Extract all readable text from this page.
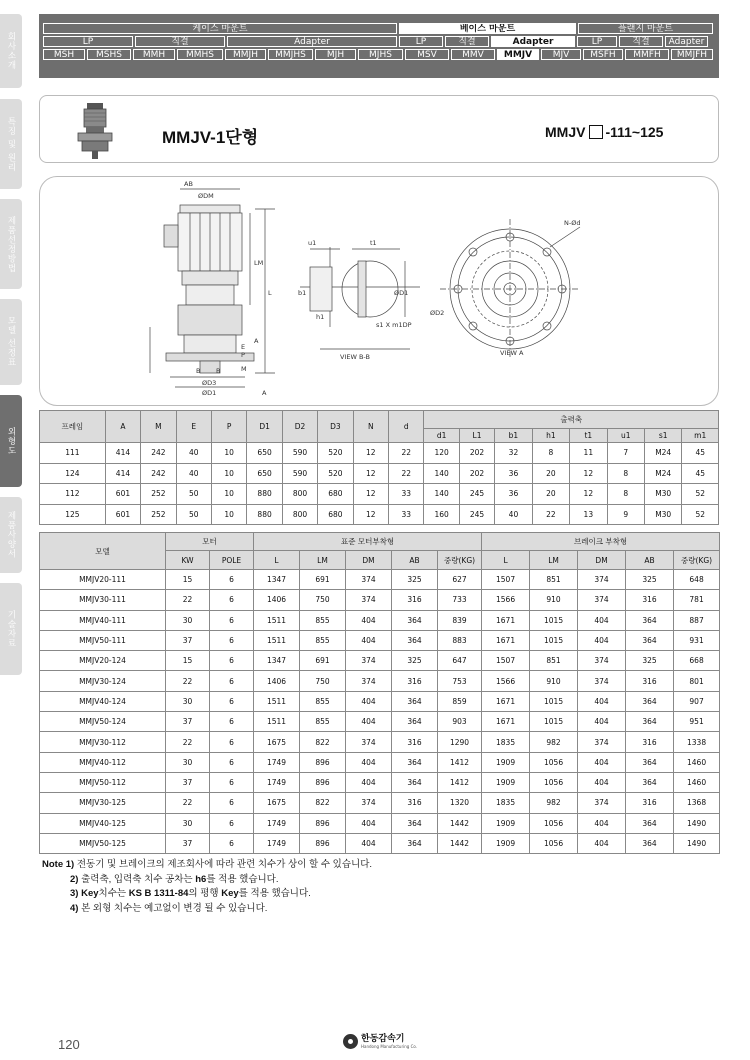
회사소개
특징 및 원리
제품선정방법
모델 선정표
외형도
제품사양서
기술자료
케이스 마운트	베이스 마운트	플랜지 마운트
LP	직결	Adapter	LP	직결	Adapter	LP	직결	Adapter
MSH	MSHS	MMH	MMHS	MMJH	MMJHS	MJH	MJHS	MSV	MMV	MMJV	MJV	MSFH	MMFH	MMJFH
MMJV-1단형	MMJV -111~125
AB
ØDM
LM
L
A
E
P
M
B B
ØD3
ØD1	A
u1	t1
b1	ØD1
h1
s1 X m1DP
VIEW B-B
N-Ød
ØD2
VIEW A
프레임	A	M	E	P	D1	D2	D3	N	d	출력축							
										d1	L1	b1	h1	t1	u1	s1	m1
111	414	242	40	10	650	590	520	12	22	120	202	32	8	11	7	M24	45
124	414	242	40	10	650	590	520	12	22	140	202	36	20	12	8	M24	45
112	601	252	50	10	880	800	680	12	33	140	245	36	20	12	8	M30	52
125	601	252	50	10	880	800	680	12	33	160	245	40	22	13	9	M30	52
모델	모터		표준 모터부착형					브레이크 부착형				
	KW	POLE	L	LM	DM	AB	중량(KG)	L	LM	DM	AB	중량(KG)
MMJV20-111	15	6	1347	691	374	325	627	1507	851	374	325	648
MMJV30-111	22	6	1406	750	374	316	733	1566	910	374	316	781
MMJV40-111	30	6	1511	855	404	364	839	1671	1015	404	364	887
MMJV50-111	37	6	1511	855	404	364	883	1671	1015	404	364	931
MMJV20-124	15	6	1347	691	374	325	647	1507	851	374	325	668
MMJV30-124	22	6	1406	750	374	316	753	1566	910	374	316	801
MMJV40-124	30	6	1511	855	404	364	859	1671	1015	404	364	907
MMJV50-124	37	6	1511	855	404	364	903	1671	1015	404	364	951
MMJV30-112	22	6	1675	822	374	316	1290	1835	982	374	316	1338
MMJV40-112	30	6	1749	896	404	364	1412	1909	1056	404	364	1460
MMJV50-112	37	6	1749	896	404	364	1412	1909	1056	404	364	1460
MMJV30-125	22	6	1675	822	374	316	1320	1835	982	374	316	1368
MMJV40-125	30	6	1749	896	404	364	1442	1909	1056	404	364	1490
MMJV50-125	37	6	1749	896	404	364	1442	1909	1056	404	364	1490
Note 1) 전동기 및 브레이크의 제조회사에 따라 관련 치수가 상이 할 수 있습니다.
2) 출력축, 입력축 치수 공차는 h6를 적용 했습니다.
3) Key치수는 KS B 1311-84의 평행 Key를 적용 했습니다.
4) 본 외형 치수는 예고없이 변경 될 수 있습니다.
120	한동감속기
Handong Manufacturing Co.
